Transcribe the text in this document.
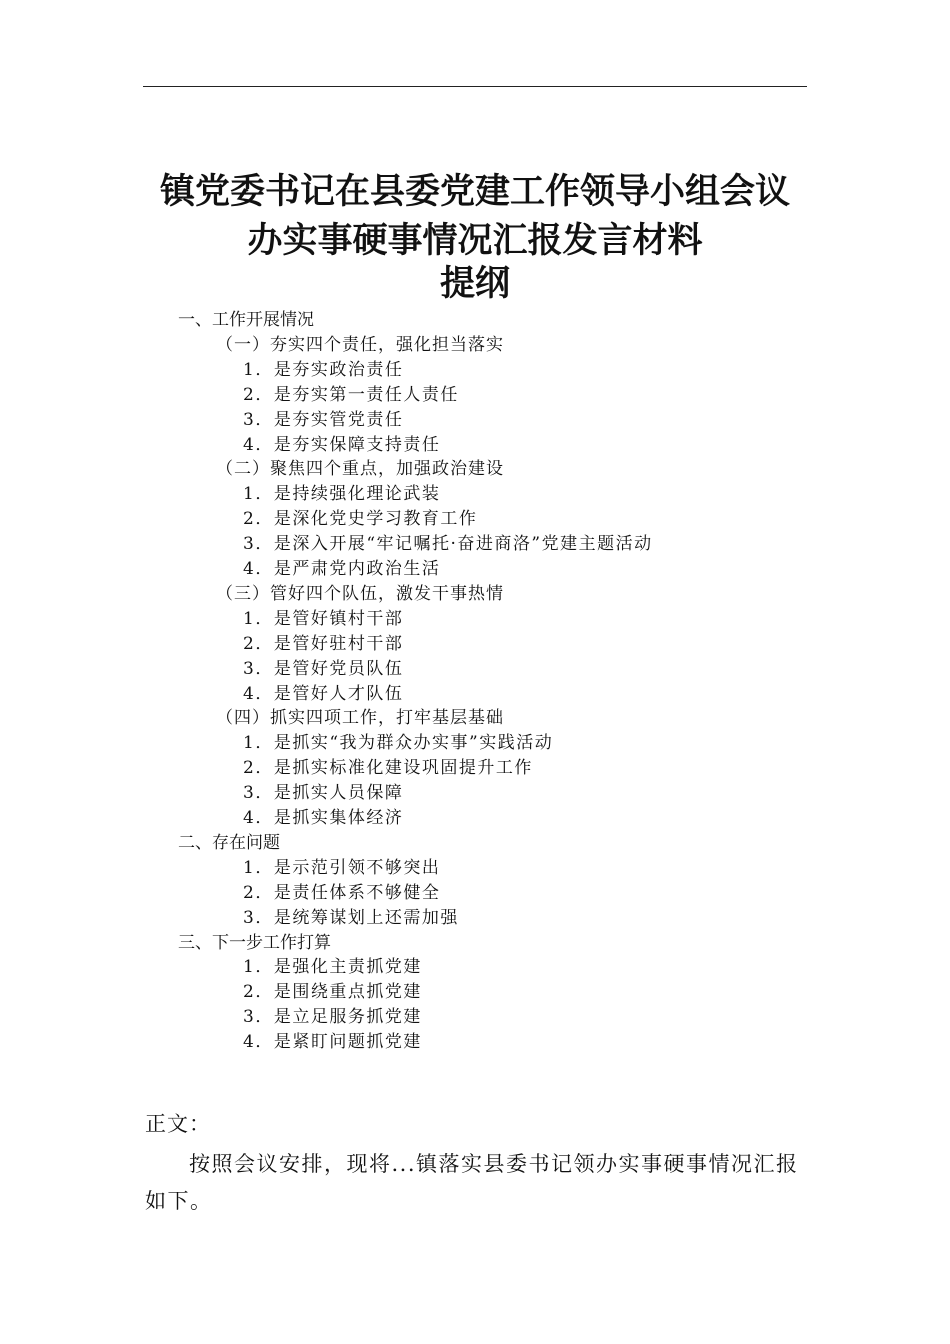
镇党委书记在县委党建工作领导小组会议
办实事硬事情况汇报发言材料
提纲
一、工作开展情况
（一）夯实四个责任，强化担当落实
1．是夯实政治责任
2．是夯实第一责任人责任
3．是夯实管党责任
4．是夯实保障支持责任
（二）聚焦四个重点，加强政治建设
1．是持续强化理论武装
2．是深化党史学习教育工作
3．是深入开展“牢记嘱托·奋进商洛”党建主题活动
4．是严肃党内政治生活
（三）管好四个队伍，激发干事热情
1．是管好镇村干部
2．是管好驻村干部
3．是管好党员队伍
4．是管好人才队伍
（四）抓实四项工作，打牢基层基础
1．是抓实“我为群众办实事”实践活动
2．是抓实标准化建设巩固提升工作
3．是抓实人员保障
4．是抓实集体经济
二、存在问题
1．是示范引领不够突出
2．是责任体系不够健全
3．是统筹谋划上还需加强
三、下一步工作打算
1．是强化主责抓党建
2．是围绕重点抓党建
3．是立足服务抓党建
4．是紧盯问题抓党建
正文：
按照会议安排，现将...镇落实县委书记领办实事硬事情况汇报如下。
